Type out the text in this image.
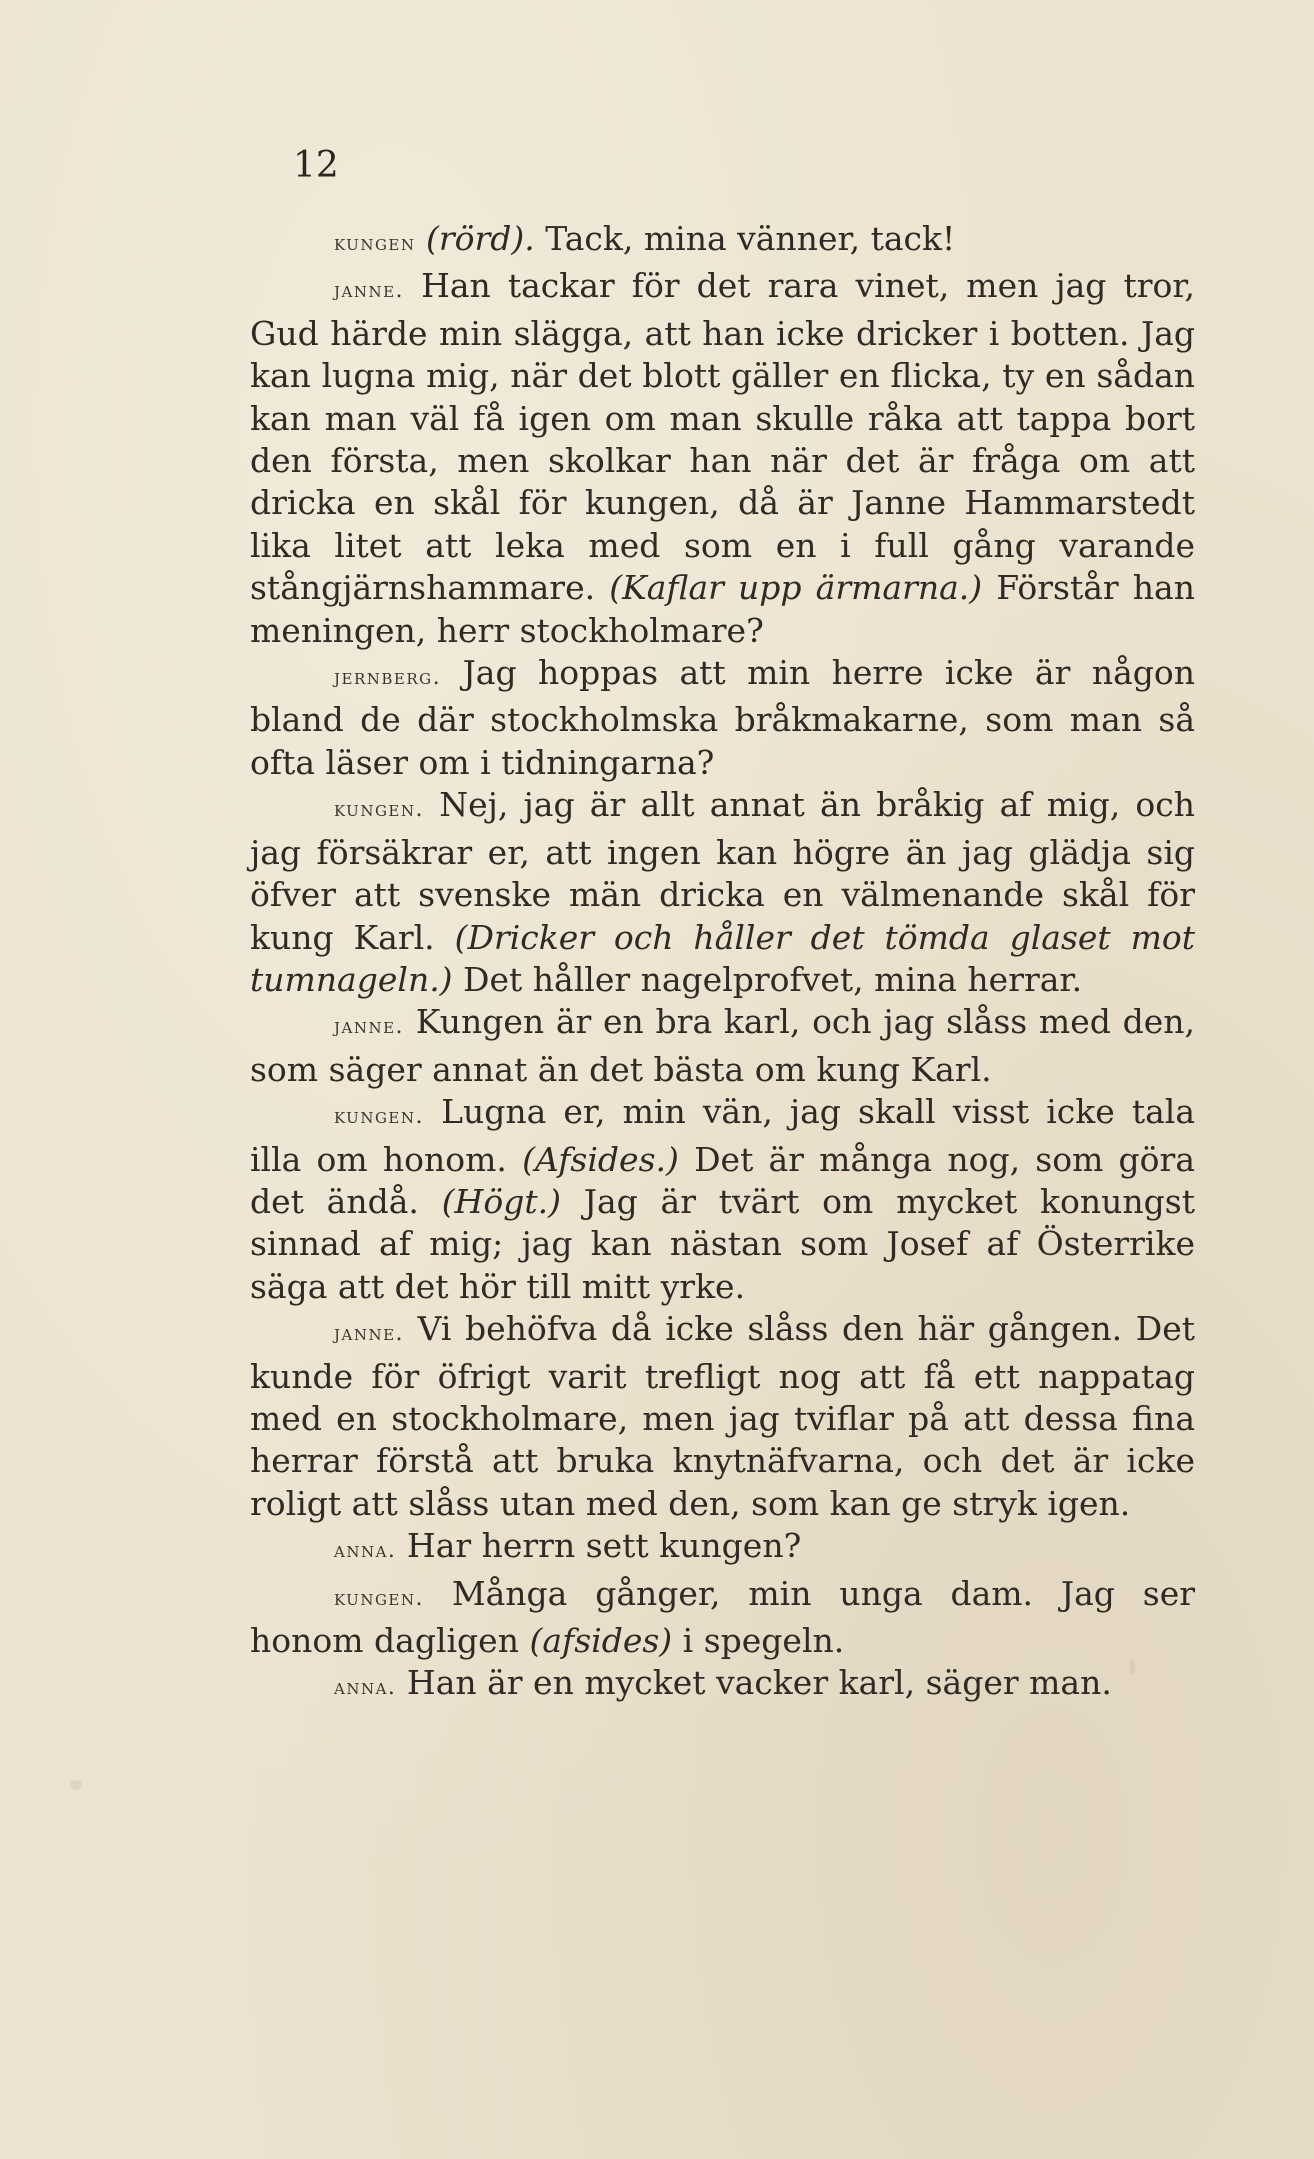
12

kungen (rörd). Tack, mina vänner, tack!

janne. Han tackar för det rara vinet, men jag tror, Gud härde min slägga, att han icke dricker i botten. Jag kan lugna mig, när det blott gäller en flicka, ty en sådan kan man väl få igen om man skulle råka att tappa bort den första, men skolkar han när det är fråga om att dricka en skål för kungen, då är Janne Hammarstedt lika litet att leka med som en i full gång varande stångjärnshammare. (Kaflar upp ärmarna.) Förstår han meningen, herr stockholmare?

jernberg. Jag hoppas att min herre icke är någon bland de där stockholmska bråkmakarne, som man så ofta läser om i tidningarna?

kungen. Nej, jag är allt annat än bråkig af mig, och jag försäkrar er, att ingen kan högre än jag glädja sig öfver att svenske män dricka en välmenande skål för kung Karl. (Dricker och håller det tömda glaset mot tumnageln.) Det håller nagelprofvet, mina herrar.

janne. Kungen är en bra karl, och jag slåss med den, som säger annat än det bästa om kung Karl.

kungen. Lugna er, min vän, jag skall visst icke tala illa om honom. (Afsides.) Det är många nog, som göra det ändå. (Högt.) Jag är tvärt om mycket konungst sinnad af mig; jag kan nästan som Josef af Österrike säga att det hör till mitt yrke.

janne. Vi behöfva då icke slåss den här gången. Det kunde för öfrigt varit trefligt nog att få ett nappatag med en stockholmare, men jag tviflar på att dessa fina herrar förstå att bruka knytnäfvarna, och det är icke roligt att slåss utan med den, som kan ge stryk igen.

anna. Har herrn sett kungen?

kungen. Många gånger, min unga dam. Jag ser honom dagligen (afsides) i spegeln.

anna. Han är en mycket vacker karl, säger man.
